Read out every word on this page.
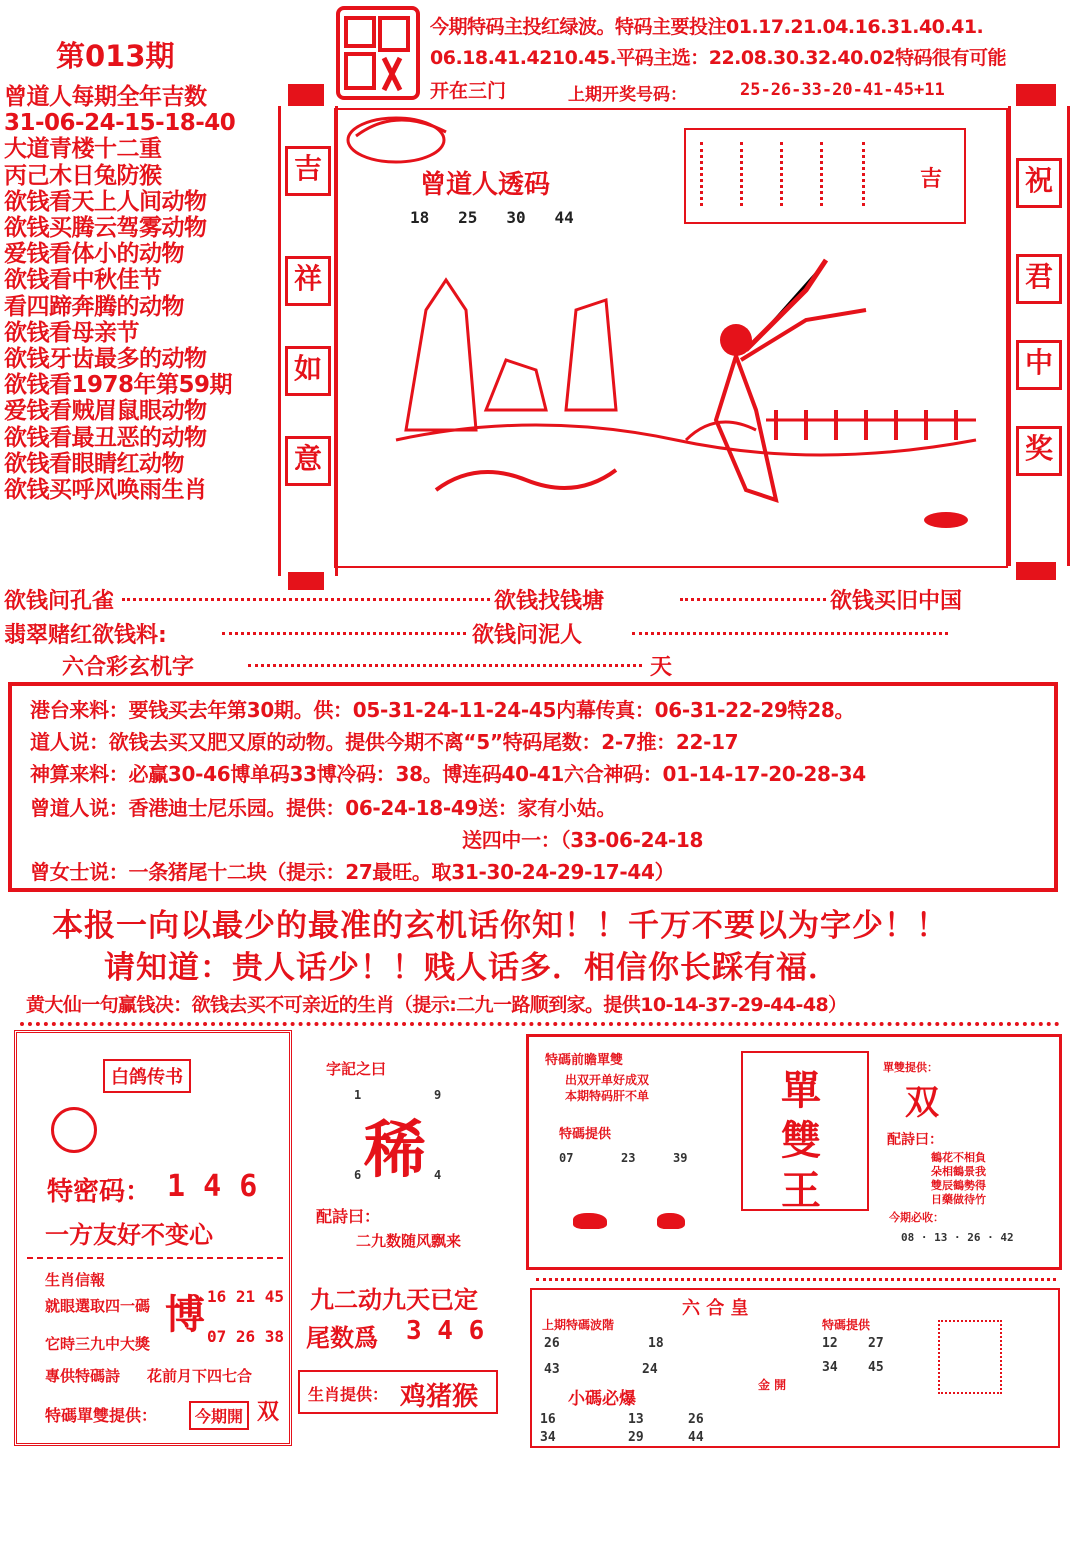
第013期
今期特码主投红绿波。特码主要投注01.17.21.04.16.31.40.41.
06.18.41.4210.45.平码主选：22.08.30.32.40.02特码很有可能
开在三门	上期开奖号码：	25-26-33-20-41-45+11
曾道人每期全年吉数
31-06-24-15-18-40
大道青楼十二重
丙己木日兔防猴
欲钱看天上人间动物
欲钱买腾云驾雾动物
爱钱看体小的动物
欲钱看中秋佳节
看四蹄奔腾的动物
欲钱看母亲节
欲钱牙齿最多的动物
欲钱看1978年第59期
爱钱看贼眉鼠眼动物
欲钱看最丑恶的动物
欲钱看眼睛红动物
欲钱买呼风唤雨生肖
吉
祥
如
意
曾道人透码
18   25   30   44
吉	祝
君
中
奖
欲钱问孔雀	欲钱找钱塘	欲钱买旧中国
翡翠赌红欲钱料:	欲钱问泥人
六合彩玄机字	天
港台来料：要钱买去年第30期。供：05-31-24-11-24-45内幕传真：06-31-22-29特28。
道人说：欲钱去买又肥又原的动物。提供今期不离“5”特码尾数：2-7推：22-17
神算来料：必赢30-46博单码33博冷码：38。博连码40-41六合神码：01-14-17-20-28-34
曾道人说：香港迪士尼乐园。提供：06-24-18-49送：家有小姑。
送四中一：（33-06-24-18
曾女士说：一条猪尾十二块（提示：27最旺。取31-30-24-29-17-44）
本报一向以最少的最准的玄机话你知！！千万不要以为字少！！
请知道：贵人话少！！贱人话多．相信你长踩有福．
黄大仙一句赢钱决：欲钱去买不可亲近的生肖（提示:二九一路顺到家。提供10-14-37-29-44-48）
白鸽传书
特密码： 1 4 6
一方友好不变心
生肖信報
博 16 21 45
07 26 38
就眼選取四一碼
它時三九中大獎
專供特碼詩 花前月下四七合
特碼單雙提供：	今期開 双
字記之曰
1	9
稀
6	4
配詩曰：
二九数随风飘来
九二动九天已定
尾数爲 3 4 6
生肖提供： 鸡猪猴
特碼前瞻單雙
出双开单好成双
本期特码肝不单
特碼提供
07	23	39
單
雙
王
單雙提供：
双
配詩曰：
鶴花不相負
朵相鶴景我
雙辰鶴勢得
日藥做待竹
今期必收：
08 · 13 · 26 · 42
六 合 皇
上期特碼波階
26	18
43	24
特碼提供
12 27
34 45
金 開
小碼必爆
16	13	26
34	29	44
